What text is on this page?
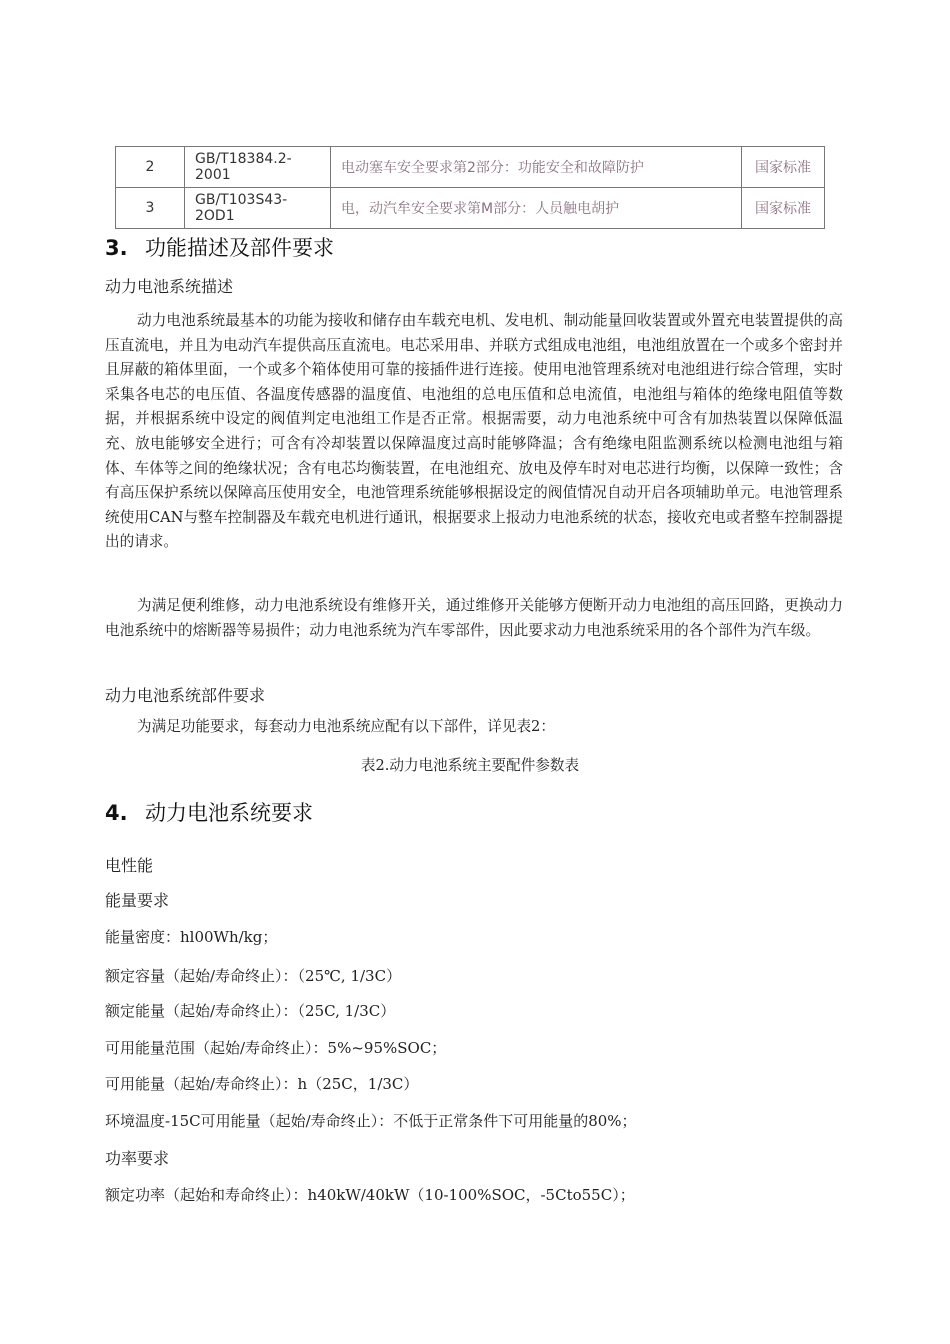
2	GB/T18384.2-2001	电动塞车安全要求第2部分：功能安全和故障防护	国家标准
3	GB/T103S43-2OD1	电，动汽牟安全要求第M部分：人员触电胡护	国家标准
3. 功能描述及部件要求
动力电池系统描述

动力电池系统最基本的功能为接收和储存由车载充电机、发电机、制动能量回收装置或外置充电装置提供的高压直流电，并且为电动汽车提供高压直流电。电芯采用串、并联方式组成电池组，电池组放置在一个或多个密封并且屏蔽的箱体里面，一个或多个箱体使用可靠的接插件进行连接。使用电池管理系统对电池组进行综合管理，实时采集各电芯的电压值、各温度传感器的温度值、电池组的总电压值和总电流值，电池组与箱体的绝缘电阻值等数据，并根据系统中设定的阀值判定电池组工作是否正常。根据需要，动力电池系统中可含有加热装置以保障低温充、放电能够安全进行；可含有冷却装置以保障温度过高时能够降温；含有绝缘电阻监测系统以检测电池组与箱体、车体等之间的绝缘状况；含有电芯均衡装置，在电池组充、放电及停车时对电芯进行均衡，以保障一致性；含有高压保护系统以保障高压使用安全，电池管理系统能够根据设定的阀值情况自动开启各项辅助单元。电池管理系统使用CAN与整车控制器及车载充电机进行通讯，根据要求上报动力电池系统的状态，接收充电或者整车控制器提出的请求。

为满足便利维修，动力电池系统设有维修开关，通过维修开关能够方便断开动力电池组的高压回路，更换动力电池系统中的熔断器等易损件；动力电池系统为汽车零部件，因此要求动力电池系统采用的各个部件为汽车级。

动力电池系统部件要求

为满足功能要求，每套动力电池系统应配有以下部件，详见表2：

表2.动力电池系统主要配件参数表
4. 动力电池系统要求
电性能
能量要求
能量密度：hl00Wh/kg；
额定容量（起始/寿命终止）：（25℃, 1/3C）
额定能量（起始/寿命终止）：（25C, 1/3C）
可用能量范围（起始/寿命终止）：5%~95%SOC；
可用能量（起始/寿命终止）：h（25C，1/3C）
环境温度-15C可用能量（起始/寿命终止）：不低于正常条件下可用能量的80%；
功率要求
额定功率（起始和寿命终止）：h40kW/40kW（10-100%SOC，-5Cto55C）；
